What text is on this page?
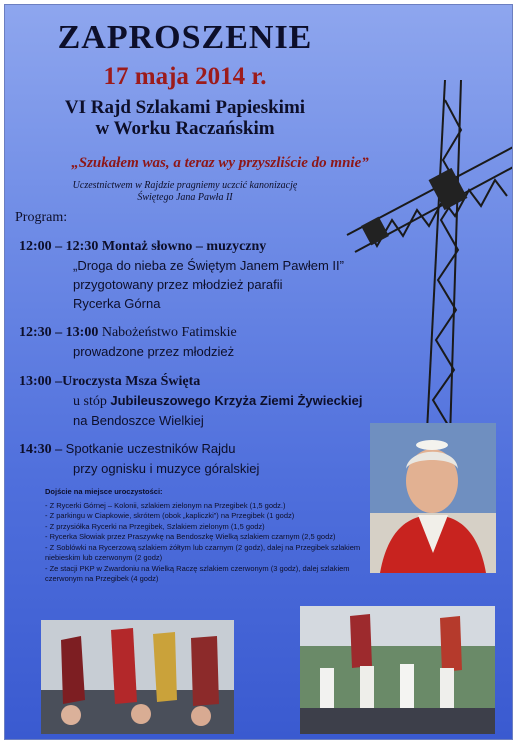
ZAPROSZENIE
17 maja 2014 r.
VI Rajd Szlakami Papieskimi
w Worku Raczańskim
„Szukałem was, a teraz wy przyszliście do mnie”
Uczestnictwem w Rajdzie pragniemy uczcić kanonizację
Świętego Jana Pawła II
Program:
12:00 – 12:30 Montaż słowno – muzyczny
„Droga do nieba ze Świętym Janem Pawłem II”
przygotowany przez młodzież parafii
Rycerka Górna
12:30 – 13:00 Nabożeństwo Fatimskie
prowadzone przez młodzież
13:00 –Uroczysta Msza Święta
u stóp Jubileuszowego Krzyża Ziemi Żywieckiej
na Bendoszce Wielkiej
14:30 – Spotkanie uczestników Rajdu
przy ognisku i muzyce góralskiej
Dojście na miejsce uroczystości:
- Z Rycerki Górnej – Kolonii, szlakiem zielonym na Przegibek (1,5 godz.)
- Z parkingu w Ciapkowie, skrótem (obok „kapliczki”) na Przegibek (1 godz)
- Z przysiółka Rycerki na Przegibek, Szlakiem zielonym (1,5 godz)
- Rycerka Słowiak przez Praszywkę na Bendoszkę Wielką szlakiem czarnym (2,5 godz)
- Z Soblówki na Rycerzową szlakiem żółtym lub czarnym (2 godz), dalej na Przegibek szlakiem niebieskim lub czerwonym (2 godz)
- Ze stacji PKP w Zwardoniu na Wielką Raczę szlakiem czerwonym (3 godz), dalej szlakiem czerwonym na Przegibek (4 godz)
